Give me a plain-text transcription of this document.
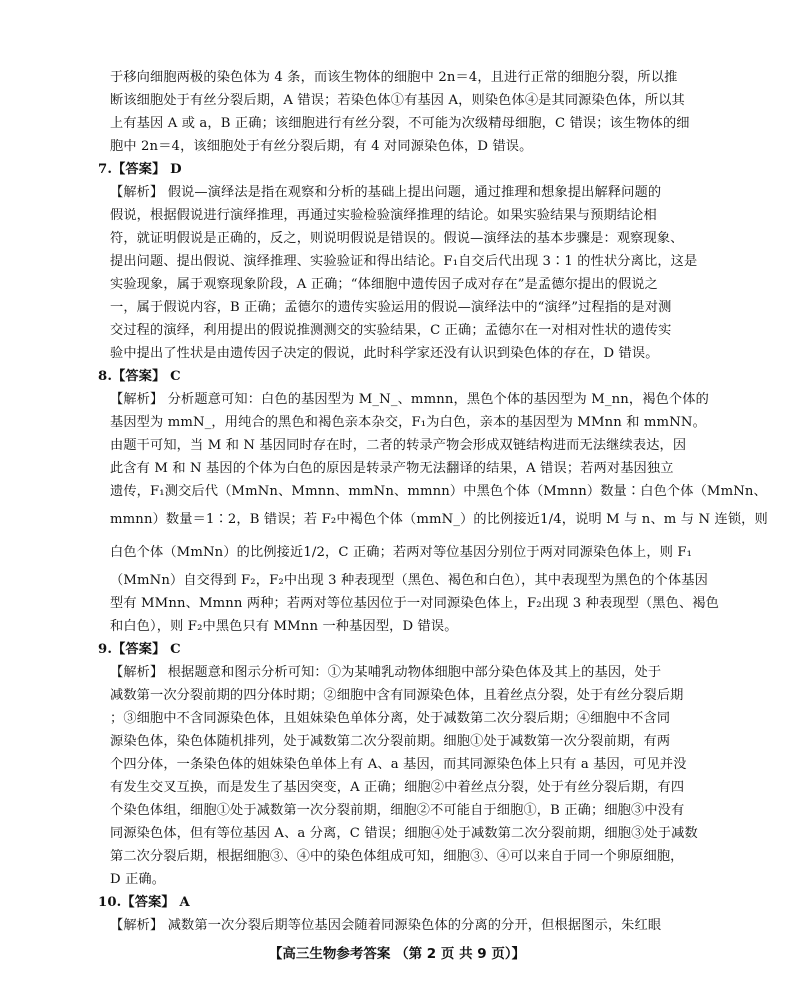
于移向细胞两极的染色体为 4 条，而该生物体的细胞中 2n＝4，且进行正常的细胞分裂，所以推

断该细胞处于有丝分裂后期，A 错误；若染色体①有基因 A，则染色体④是其同源染色体，所以其

上有基因 A 或 a，B 正确；该细胞进行有丝分裂，不可能为次级精母细胞，C 错误；该生物体的细

胞中 2n＝4，该细胞处于有丝分裂后期，有 4 对同源染色体，D 错误。

7.【答案】 D

【解析】 假说—演绎法是指在观察和分析的基础上提出问题，通过推理和想象提出解释问题的

假说，根据假说进行演绎推理，再通过实验检验演绎推理的结论。如果实验结果与预期结论相

符，就证明假说是正确的，反之，则说明假说是错误的。假说—演绎法的基本步骤是：观察现象、

提出问题、提出假说、演绎推理、实验验证和得出结论。F₁自交后代出现 3∶1 的性状分离比，这是

实验现象，属于观察现象阶段，A 正确；“体细胞中遗传因子成对存在”是孟德尔提出的假说之

一，属于假说内容，B 正确；孟德尔的遗传实验运用的假说—演绎法中的“演绎”过程指的是对测

交过程的演绎，利用提出的假说推测测交的实验结果，C 正确；孟德尔在一对相对性状的遗传实

验中提出了性状是由遗传因子决定的假说，此时科学家还没有认识到染色体的存在，D 错误。

8.【答案】 C

【解析】 分析题意可知：白色的基因型为 M_N_、mmnn，黑色个体的基因型为 M_nn，褐色个体的

基因型为 mmN_，用纯合的黑色和褐色亲本杂交，F₁为白色，亲本的基因型为 MMnn 和 mmNN。

由题干可知，当 M 和 N 基因同时存在时，二者的转录产物会形成双链结构进而无法继续表达，因

此含有 M 和 N 基因的个体为白色的原因是转录产物无法翻译的结果，A 错误；若两对基因独立

遗传，F₁测交后代（MmNn、Mmnn、mmNn、mmnn）中黑色个体（Mmnn）数量∶白色个体（MmNn、

mmnn）数量＝1∶2，B 错误；若 F₂中褐色个体（mmN_）的比例接近1/4，说明 M 与 n、m 与 N 连锁，则

白色个体（MmNn）的比例接近1/2，C 正确；若两对等位基因分别位于两对同源染色体上，则 F₁

（MmNn）自交得到 F₂，F₂中出现 3 种表现型（黑色、褐色和白色），其中表现型为黑色的个体基因

型有 MMnn、Mmnn 两种；若两对等位基因位于一对同源染色体上，F₂出现 3 种表现型（黑色、褐色

和白色），则 F₂中黑色只有 MMnn 一种基因型，D 错误。

9.【答案】 C

【解析】 根据题意和图示分析可知：①为某哺乳动物体细胞中部分染色体及其上的基因，处于

减数第一次分裂前期的四分体时期；②细胞中含有同源染色体，且着丝点分裂，处于有丝分裂后期

；③细胞中不含同源染色体，且姐妹染色单体分离，处于减数第二次分裂后期；④细胞中不含同

源染色体，染色体随机排列，处于减数第二次分裂前期。细胞①处于减数第一次分裂前期，有两

个四分体，一条染色体的姐妹染色单体上有 A、a 基因，而其同源染色体上只有 a 基因，可见并没

有发生交叉互换，而是发生了基因突变，A 正确；细胞②中着丝点分裂，处于有丝分裂后期，有四

个染色体组，细胞①处于减数第一次分裂前期，细胞②不可能自于细胞①，B 正确；细胞③中没有

同源染色体，但有等位基因 A、a 分离，C 错误；细胞④处于减数第二次分裂前期，细胞③处于减数

第二次分裂后期，根据细胞③、④中的染色体组成可知，细胞③、④可以来自于同一个卵原细胞，

D 正确。

10.【答案】 A

【解析】 减数第一次分裂后期等位基因会随着同源染色体的分离的分开，但根据图示，朱红眼

【高三生物参考答案 （第 2 页 共 9 页）】
